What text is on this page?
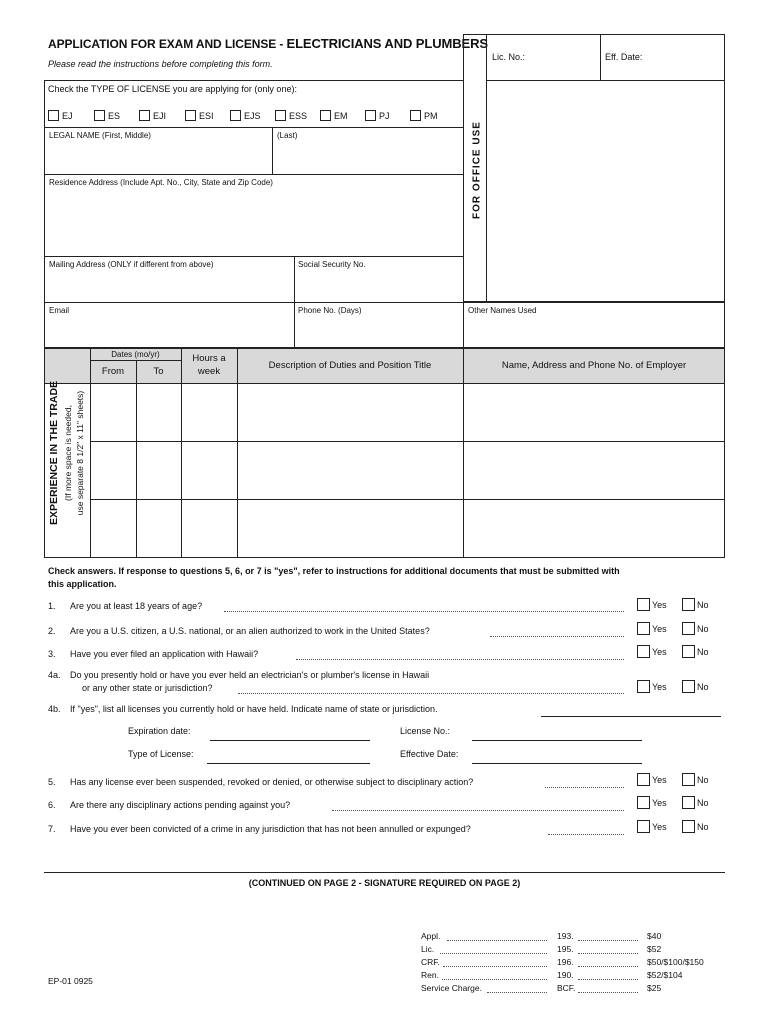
APPLICATION FOR EXAM AND LICENSE - ELECTRICIANS AND PLUMBERS
Please read the instructions before completing this form.
Lic. No.:	Eff. Date:
FOR OFFICE USE
Check the TYPE OF LICENSE you are applying for (only one):
EJ	ES	EJI	ESI	EJS	ESS	EM	PJ	PM
LEGAL NAME (First, Middle)	(Last)
Residence Address (Include Apt. No., City, State and Zip Code)
Mailing Address (ONLY if different from above)	Social Security No.
Email	Phone No. (Days)	Other Names Used
EXPERIENCE IN THE TRADE (If more space is needed, use separate 8 1/2" x 11" sheets)
Dates (mo/yr)
From	To
Hours a
week
Description of Duties and Position Title	Name, Address and Phone No. of Employer
Check answers. If response to questions 5, 6, or 7 is "yes", refer to instructions for additional documents that must be submitted with
this application.
1. Are you at least 18 years of age?	Yes	No
2. Are you a U.S. citizen, a U.S. national, or an alien authorized to work in the United States?	Yes	No
3. Have you ever filed an application with Hawaii?	Yes	No
4a. Do you presently hold or have you ever held an electrician's or plumber's license in Hawaii
or any other state or jurisdiction?	Yes	No
4b. If "yes", list all licenses you currently hold or have held. Indicate name of state or jurisdiction.
Expiration date:	License No.:
Type of License:	Effective Date:
5. Has any license ever been suspended, revoked or denied, or otherwise subject to disciplinary action?	Yes	No
6. Are there any disciplinary actions pending against you?	Yes	No
7. Have you ever been convicted of a crime in any jurisdiction that has not been annulled or expunged?	Yes	No
(CONTINUED ON PAGE 2 - SIGNATURE REQUIRED ON PAGE 2)
Appl.	193.	$40
Lic.	195.	$52
CRF.	196.	$50/$100/$150
Ren.	190.	$52/$104
Service Charge.	BCF.	$25
EP-01 0925
